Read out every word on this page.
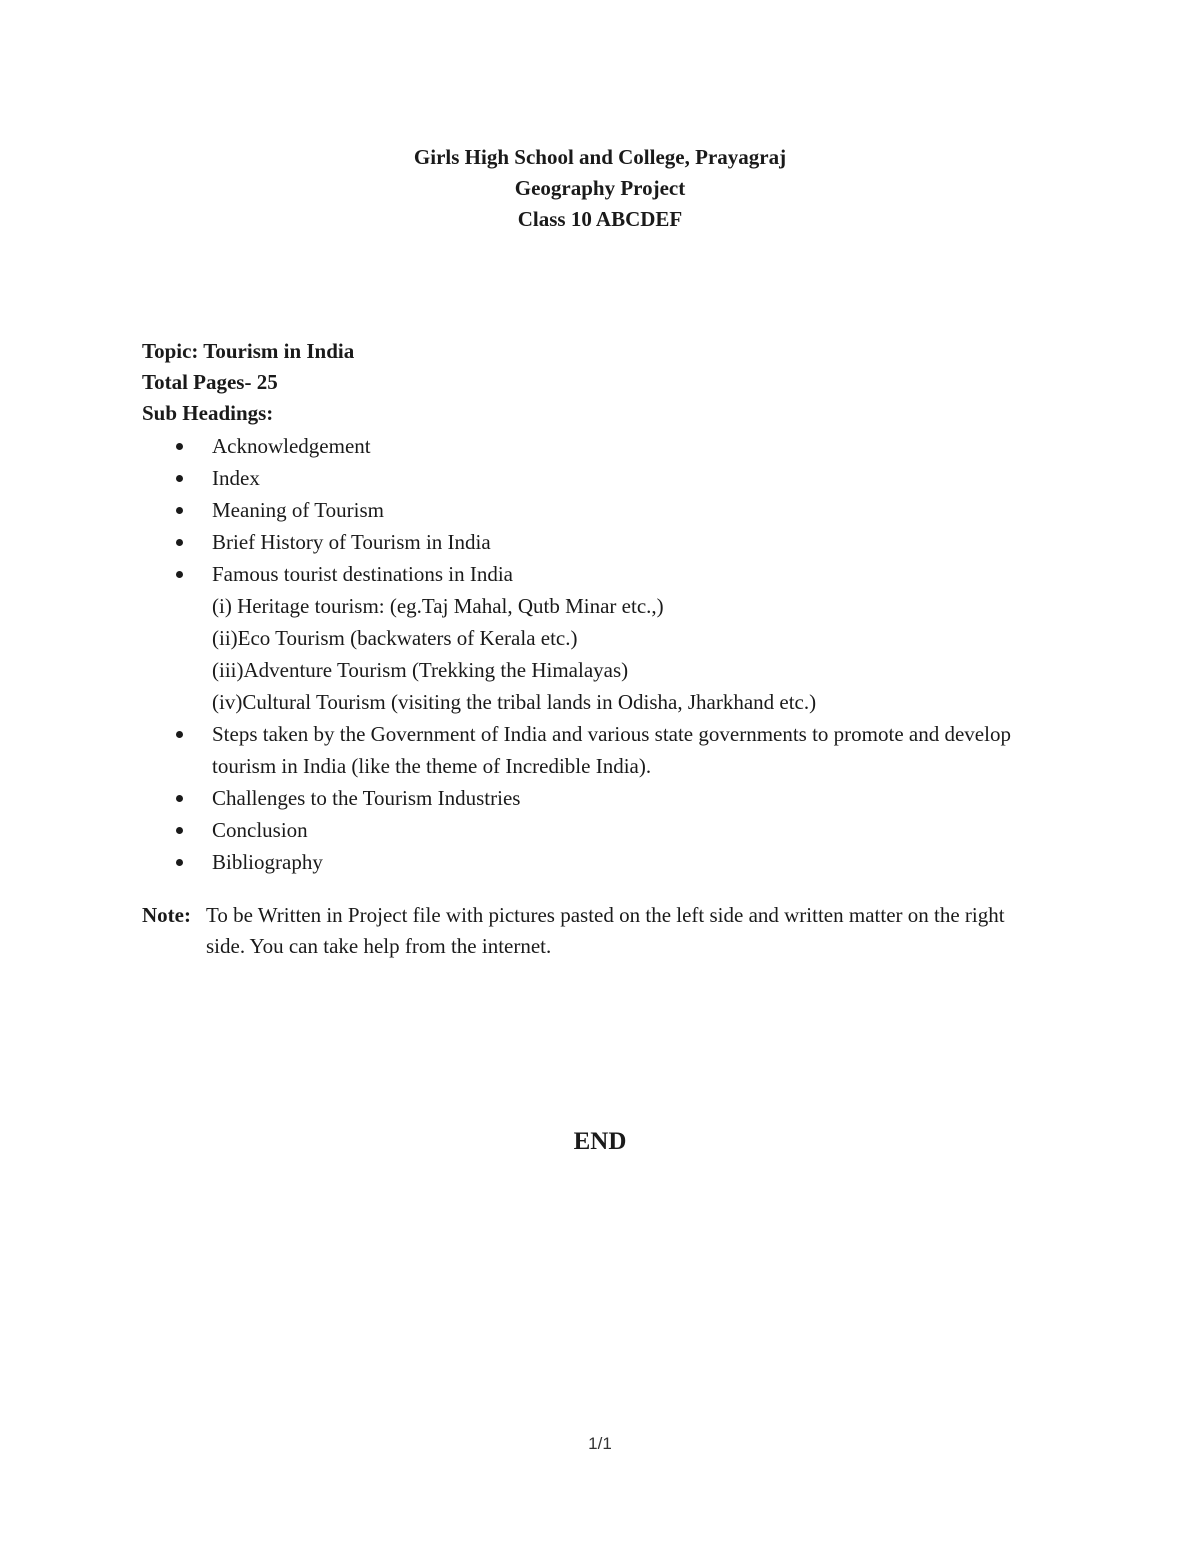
Girls High School and College, Prayagraj
Geography Project
Class 10 ABCDEF
Topic: Tourism in India
Total Pages- 25
Sub Headings:
Acknowledgement
Index
Meaning of Tourism
Brief History of Tourism in India
Famous tourist destinations in India
(i) Heritage tourism: (eg.Taj Mahal, Qutb Minar etc.,)
(ii)Eco Tourism (backwaters of Kerala etc.)
(iii)Adventure Tourism (Trekking the Himalayas)
(iv)Cultural Tourism (visiting the tribal lands in Odisha, Jharkhand etc.)
Steps taken by the Government of India and various state governments to promote and develop tourism in India (like the theme of Incredible India).
Challenges to the Tourism Industries
Conclusion
Bibliography
Note: To be Written in Project file with pictures pasted on the left side and written matter on the right side. You can take help from the internet.
END
1/1
